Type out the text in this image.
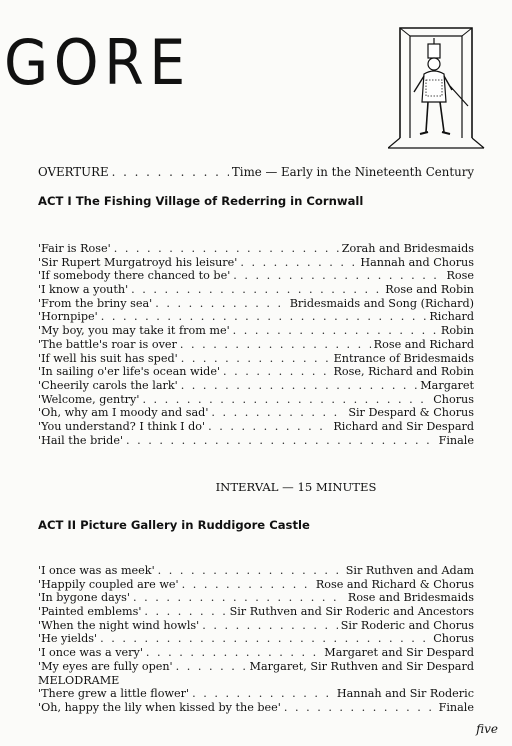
GORE
OVERTURE . . .	Time — Early in the Nineteenth Century
ACT I The Fishing Village of Rederring in Cornwall
'Fair is Rose' . . .	Zorah and Bridesmaids
'Sir Rupert Murgatroyd his leisure' . . .	Hannah and Chorus
'If somebody there chanced to be' . . .	Rose
'I know a youth' . . .	Rose and Robin
'From the briny sea' . . .	Bridesmaids and Song (Richard)
'Hornpipe' . . .	Richard
'My boy, you may take it from me' . . .	Robin
'The battle's roar is over . . .	Rose and Richard
'If well his suit has sped' . . .	Entrance of Bridesmaids
'In sailing o'er life's ocean wide' . . .	Rose, Richard and Robin
'Cheerily carols the lark' . . .	Margaret
'Welcome, gentry' . . .	Chorus
'Oh, why am I moody and sad' . . .	Sir Despard & Chorus
'You understand? I think I do' . . .	Richard and Sir Despard
'Hail the bride' . . .	Finale
INTERVAL — 15 MINUTES
ACT II Picture Gallery in Ruddigore Castle
'I once was as meek' . . .	Sir Ruthven and Adam
'Happily coupled are we' . . .	Rose and Richard & Chorus
'In bygone days' . . .	Rose and Bridesmaids
'Painted emblems' . . .	Sir Ruthven and Sir Roderic and Ancestors
'When the night wind howls' . . .	Sir Roderic and Chorus
'He yields' . . .	Chorus
'I once was a very' . . .	Margaret and Sir Despard
'My eyes are fully open' . . .	Margaret, Sir Ruthven and Sir Despard
MELODRAME
'There grew a little flower' . . .	Hannah and Sir Roderic
'Oh, happy the lily when kissed by the bee' . . .	Finale
five
